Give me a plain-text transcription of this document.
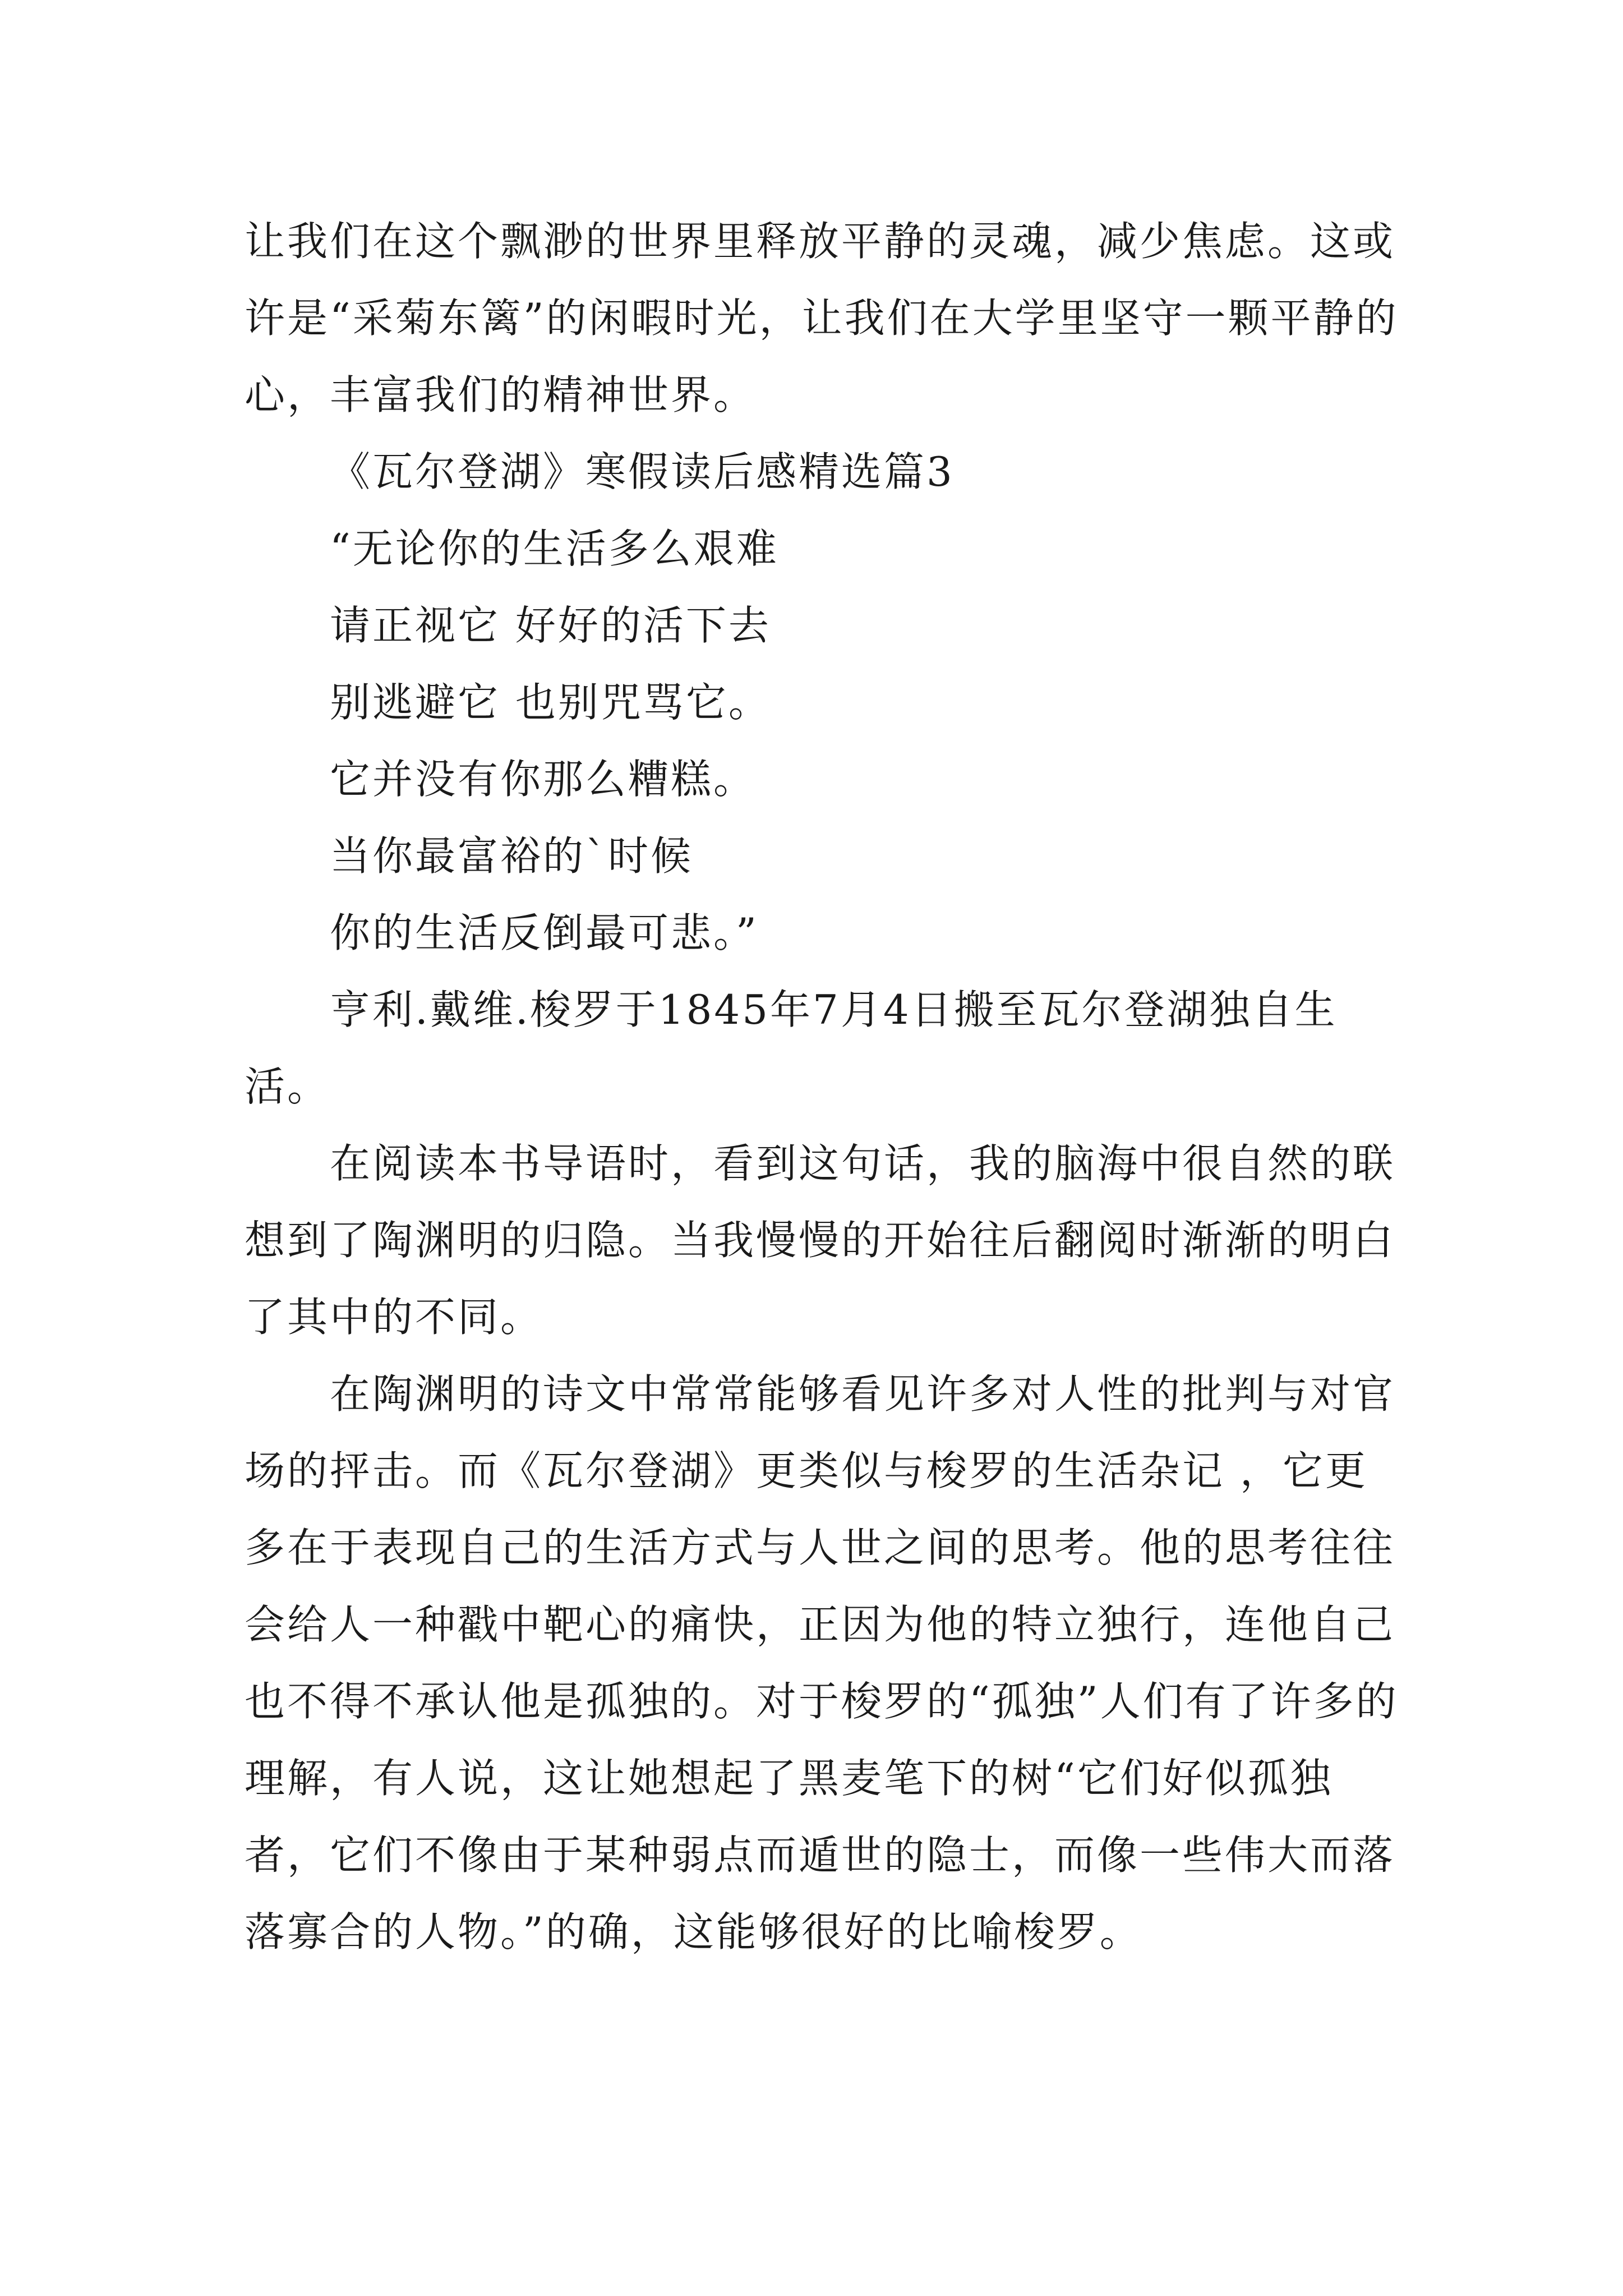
让我们在这个飘渺的世界里释放平静的灵魂，减少焦虑。这或许是“采菊东篱”的闲暇时光，让我们在大学里坚守一颗平静的心，丰富我们的精神世界。

《瓦尔登湖》寒假读后感精选篇3

“无论你的生活多么艰难

请正视它 好好的活下去

别逃避它 也别咒骂它。

它并没有你那么糟糕。

当你最富裕的`时候

你的生活反倒最可悲。”

亨利.戴维.梭罗于1845年7月4日搬至瓦尔登湖独自生活。

在阅读本书导语时，看到这句话，我的脑海中很自然的联想到了陶渊明的归隐。当我慢慢的开始往后翻阅时渐渐的明白了其中的不同。

在陶渊明的诗文中常常能够看见许多对人性的批判与对官场的抨击。而《瓦尔登湖》更类似与梭罗的生活杂记 ，它更多在于表现自己的生活方式与人世之间的思考。他的思考往往会给人一种戳中靶心的痛快，正因为他的特立独行，连他自己也不得不承认他是孤独的。对于梭罗的“孤独”人们有了许多的理解，有人说，这让她想起了黑麦笔下的树“它们好似孤独者，它们不像由于某种弱点而遁世的隐士，而像一些伟大而落落寡合的人物。”的确，这能够很好的比喻梭罗。
